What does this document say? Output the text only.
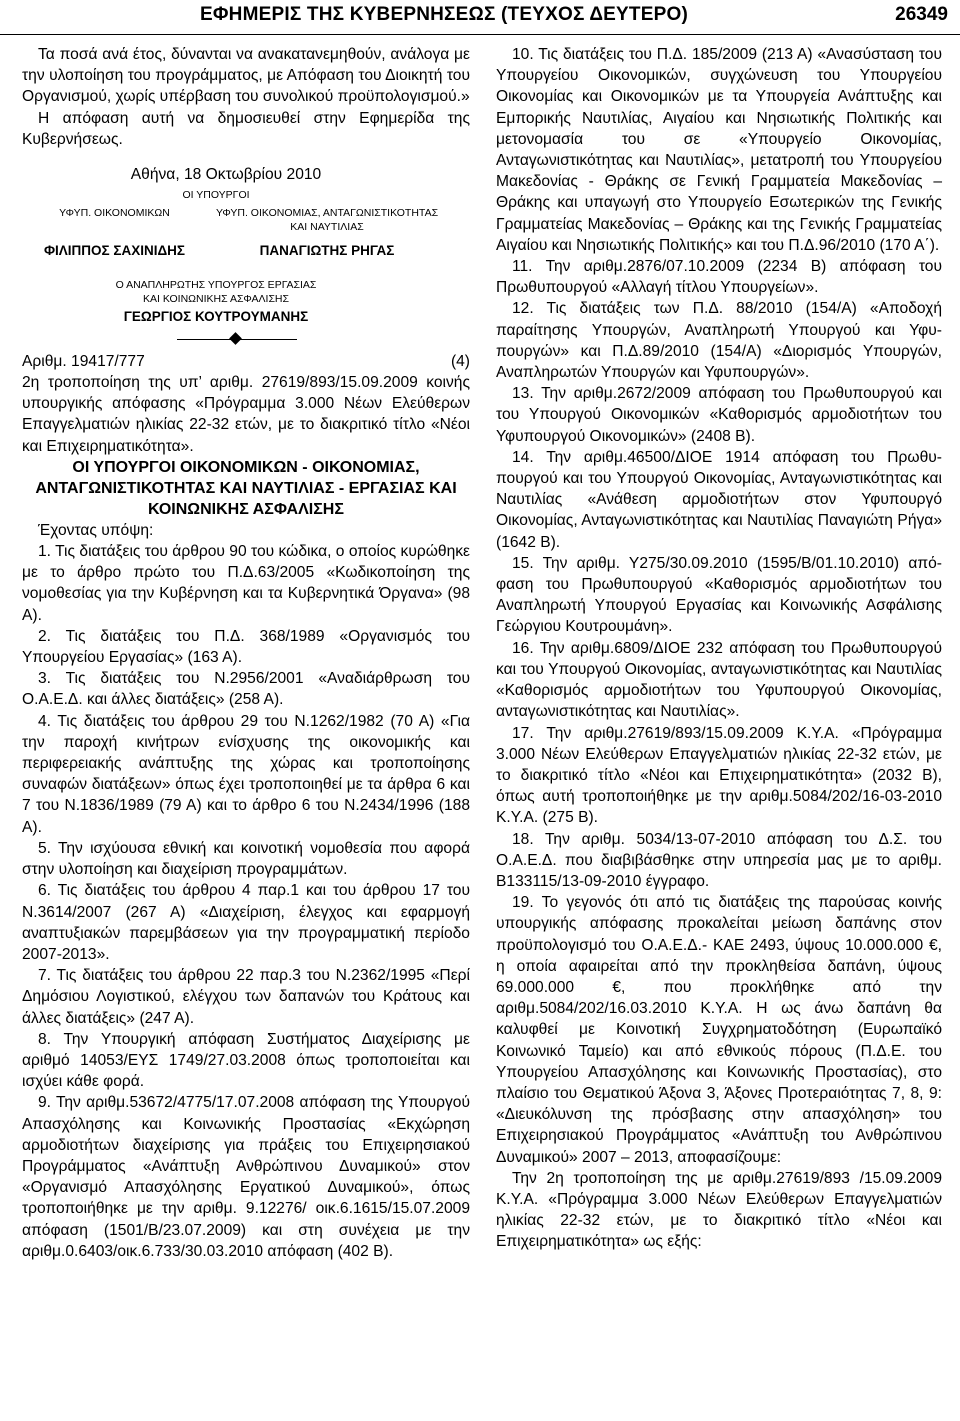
ΕΦΗΜΕΡΙΣ ΤΗΣ ΚΥΒΕΡΝΗΣΕΩΣ (ΤΕΥΧΟΣ ΔΕΥΤΕΡΟ)	26349

Τα ποσά ανά έτος, δύνανται να ανακατανεμηθούν, ανάλογα με την υλοποίηση του προγράμματος, με Απόφαση του Διοικητή του Οργανισμού, χωρίς υπέρβαση του συνολικού προϋπολογισμού.»

Η απόφαση αυτή να δημοσιευθεί στην Εφημερίδα της Κυβερνήσεως.

Αθήνα, 18 Οκτωβρίου 2010

ΟΙ ΥΠΟΥΡΓΟΙ

ΥΦΥΠ. ΟΙΚΟΝΟΜΙΚΩΝ	ΥΦΥΠ. ΟΙΚΟΝΟΜΙΑΣ, ΑΝΤΑΓΩΝΙΣΤΙΚΟΤΗΤΑΣ ΚΑΙ ΝΑΥΤΙΛΙΑΣ
ΦΙΛΙΠΠΟΣ ΣΑΧΙΝΙΔΗΣ	ΠΑΝΑΓΙΩΤΗΣ ΡΗΓΑΣ

Ο ΑΝΑΠΛΗΡΩΤΗΣ ΥΠΟΥΡΓΟΣ ΕΡΓΑΣΙΑΣ

ΚΑΙ ΚΟΙΝΩΝΙΚΗΣ ΑΣΦΑΛΙΣΗΣ

ΓΕΩΡΓΙΟΣ ΚΟΥΤΡΟΥΜΑΝΗΣ

Αριθμ. 19417/777	(4)

2η τροποποίηση της υπ’ αριθμ. 27619/893/15.09.2009 κοινής υπουργικής απόφασης «Πρόγραμμα 3.000 Νέων Ελεύθερων Επαγγελματιών ηλικίας 22-32 ετών, με το διακριτικό τίτλο «Νέοι και Επιχειρηματικότητα».

ΟΙ ΥΠΟΥΡΓΟΙ ΟΙΚΟΝΟΜΙΚΩΝ - ΟΙΚΟΝΟΜΙΑΣ, ΑΝΤΑΓΩΝΙΣΤΙΚΟΤΗΤΑΣ ΚΑΙ ΝΑΥΤΙΛΙΑΣ - ΕΡΓΑΣΙΑΣ ΚΑΙ ΚΟΙΝΩΝΙΚΗΣ ΑΣΦΑΛΙΣΗΣ

Έχοντας υπόψη:

1. Τις διατάξεις του άρθρου 90 του κώδικα, ο οποίος κυρώθηκε με το άρθρο πρώτο του Π.Δ.63/2005 «Κωδικοποίηση της νομοθεσίας για την Κυβέρνηση και τα Κυβερνητικά Όργανα» (98 Α).

2. Τις διατάξεις του Π.Δ. 368/1989 «Οργανισμός του Υπουργείου Εργασίας» (163 Α).

3. Τις διατάξεις του Ν.2956/2001 «Αναδιάρθρωση του Ο.Α.Ε.Δ. και άλλες διατάξεις» (258 Α).

4. Τις διατάξεις του άρθρου 29 του Ν.1262/1982 (70 Α) «Για την παροχή κινήτρων ενίσχυσης της οικονομικής και περιφερειακής ανάπτυξης της χώρας και τροποποίησης συναφών διατάξεων» όπως έχει τροποποιηθεί με τα άρθρα 6 και 7 του Ν.1836/1989 (79 Α) και το άρθρο 6 του Ν.2434/1996 (188 Α).

5. Την ισχύουσα εθνική και κοινοτική νομοθεσία που αφορά στην υλοποίηση και διαχείριση προγραμμάτων.

6. Τις διατάξεις του άρθρου 4 παρ.1 και του άρθρου 17 του Ν.3614/2007 (267 Α) «Διαχείριση, έλεγχος και εφαρμογή αναπτυξιακών παρεμβάσεων για την προγραμματική περίοδο 2007-2013».

7. Τις διατάξεις του άρθρου 22 παρ.3 του Ν.2362/1995 «Περί Δημόσιου Λογιστικού, ελέγχου των δαπανών του Κράτους και άλλες διατάξεις» (247 Α).

8. Την Υπουργική απόφαση Συστήματος Διαχείρισης με αριθμό 14053/ΕΥΣ 1749/27.03.2008 όπως τροποποιείται και ισχύει κάθε φορά.

9. Την αριθμ.53672/4775/17.07.2008 απόφαση της Υπουργού Απασχόλησης και Κοινωνικής Προστασίας «Εκχώρηση αρμοδιοτήτων διαχείρισης για πράξεις του Επιχειρησιακού Προγράμματος «Ανάπτυξη Ανθρώπινου Δυναμικού» στον «Οργανισμό Απασχόλησης Εργατικού Δυναμικού», όπως τροποποιήθηκε με την αριθμ. 9.12276/ οικ.6.1615/15.07.2009 απόφαση (1501/Β/23.07.2009) και στη συνέχεια με την αριθμ.0.6403/οικ.6.733/30.03.2010 απόφαση (402 Β).

10. Τις διατάξεις του Π.Δ. 185/2009 (213 Α) «Ανασύσταση του Υπουργείου Οικονομικών, συγχώνευση του Υπουργείου Οικονομίας και Οικονομικών με τα Υπουργεία Ανάπτυξης και Εμπορικής Ναυτιλίας, Αιγαίου και Νησιωτικής Πολιτικής και μετονομασία του σε «Υπουργείο Οικονομίας, Ανταγωνιστικότητας και Ναυτιλίας», μετατροπή του Υπουργείου Μακεδονίας - Θράκης σε Γενική Γραμματεία Μακεδονίας – Θράκης και υπαγωγή στο Υπουργείο Εσωτερικών της Γενικής Γραμματείας Μακεδονίας – Θράκης και της Γενικής Γραμματείας Αιγαίου και Νησιωτικής Πολιτικής» και του Π.Δ.96/2010 (170 Α΄).

11. Την αριθμ.2876/07.10.2009 (2234 Β) απόφαση του Πρωθυπουργού «Αλλαγή τίτλου Υπουργείων».

12. Τις διατάξεις των Π.Δ. 88/2010 (154/Α) «Αποδοχή παραίτησης Υπουργών, Αναπληρωτή Υπουργού και Υφυπουργών» και Π.Δ.89/2010 (154/Α) «Διορισμός Υπουργών, Αναπληρωτών Υπουργών και Υφυπουργών».

13. Την αριθμ.2672/2009 απόφαση του Πρωθυπουργού και του Υπουργού Οικονομικών «Καθορισμός αρμοδιοτήτων του Υφυπουργού Οικονομικών» (2408 Β).

14. Την αριθμ.46500/ΔΙΟΕ 1914 απόφαση του Πρωθυπουργού και του Υπουργού Οικονομίας, Ανταγωνιστικότητας και Ναυτιλίας «Ανάθεση αρμοδιοτήτων στον Υφυπουργό Οικονομίας, Ανταγωνιστικότητας και Ναυτιλίας Παναγιώτη Ρήγα» (1642 Β).

15. Την αριθμ. Υ275/30.09.2010 (1595/Β/01.10.2010) απόφαση του Πρωθυπουργού «Καθορισμός αρμοδιοτήτων του Αναπληρωτή Υπουργού Εργασίας και Κοινωνικής Ασφάλισης Γεώργιου Κουτρουμάνη».

16. Την αριθμ.6809/ΔΙΟΕ 232 απόφαση του Πρωθυπουργού και του Υπουργού Οικονομίας, ανταγωνιστικότητας και Ναυτιλίας «Καθορισμός αρμοδιοτήτων του Υφυπουργού Οικονομίας, ανταγωνιστικότητας και Ναυτιλίας».

17. Την αριθμ.27619/893/15.09.2009 Κ.Υ.Α. «Πρόγραμμα 3.000 Νέων Ελεύθερων Επαγγελματιών ηλικίας 22-32 ετών, με το διακριτικό τίτλο «Νέοι και Επιχειρηματικότητα» (2032 Β), όπως αυτή τροποποιήθηκε με την αριθμ.5084/202/16-03-2010 Κ.Υ.Α. (275 Β).

18. Την αριθμ. 5034/13-07-2010 απόφαση του Δ.Σ. του Ο.Α.Ε.Δ. που διαβιβάσθηκε στην υπηρεσία μας με το αριθμ. Β133115/13-09-2010 έγγραφο.

19. Το γεγονός ότι από τις διατάξεις της παρούσας κοινής υπουργικής απόφασης προκαλείται μείωση δαπάνης στον προϋπολογισμό του Ο.Α.Ε.Δ.- ΚΑΕ 2493, ύψους 10.000.000 €, η οποία αφαιρείται από την προκληθείσα δαπάνη, ύψους 69.000.000 €, που προκλήθηκε από την αριθμ.5084/202/16.03.2010 Κ.Υ.Α. Η ως άνω δαπάνη θα καλυφθεί με Κοινοτική Συγχρηματοδότηση (Ευρωπαϊκό Κοινωνικό Ταμείο) και από εθνικούς πόρους (Π.Δ.Ε. του Υπουργείου Απασχόλησης και Κοινωνικής Προστασίας), στο πλαίσιο του Θεματικού Άξονα 3, Άξονες Προτεραιότητας 7, 8, 9: «Διευκόλυνση της πρόσβασης στην απασχόληση» του Επιχειρησιακού Προγράμματος «Ανάπτυξη του Ανθρώπινου Δυναμικού» 2007 – 2013, αποφασίζουμε:

Την 2η τροποποίηση της με αριθμ.27619/893 /15.09.2009 Κ.Υ.Α. «Πρόγραμμα 3.000 Νέων Ελεύθερων Επαγγελματιών ηλικίας 22-32 ετών, με το διακριτικό τίτλο «Νέοι και Επιχειρηματικότητα» ως εξής:
